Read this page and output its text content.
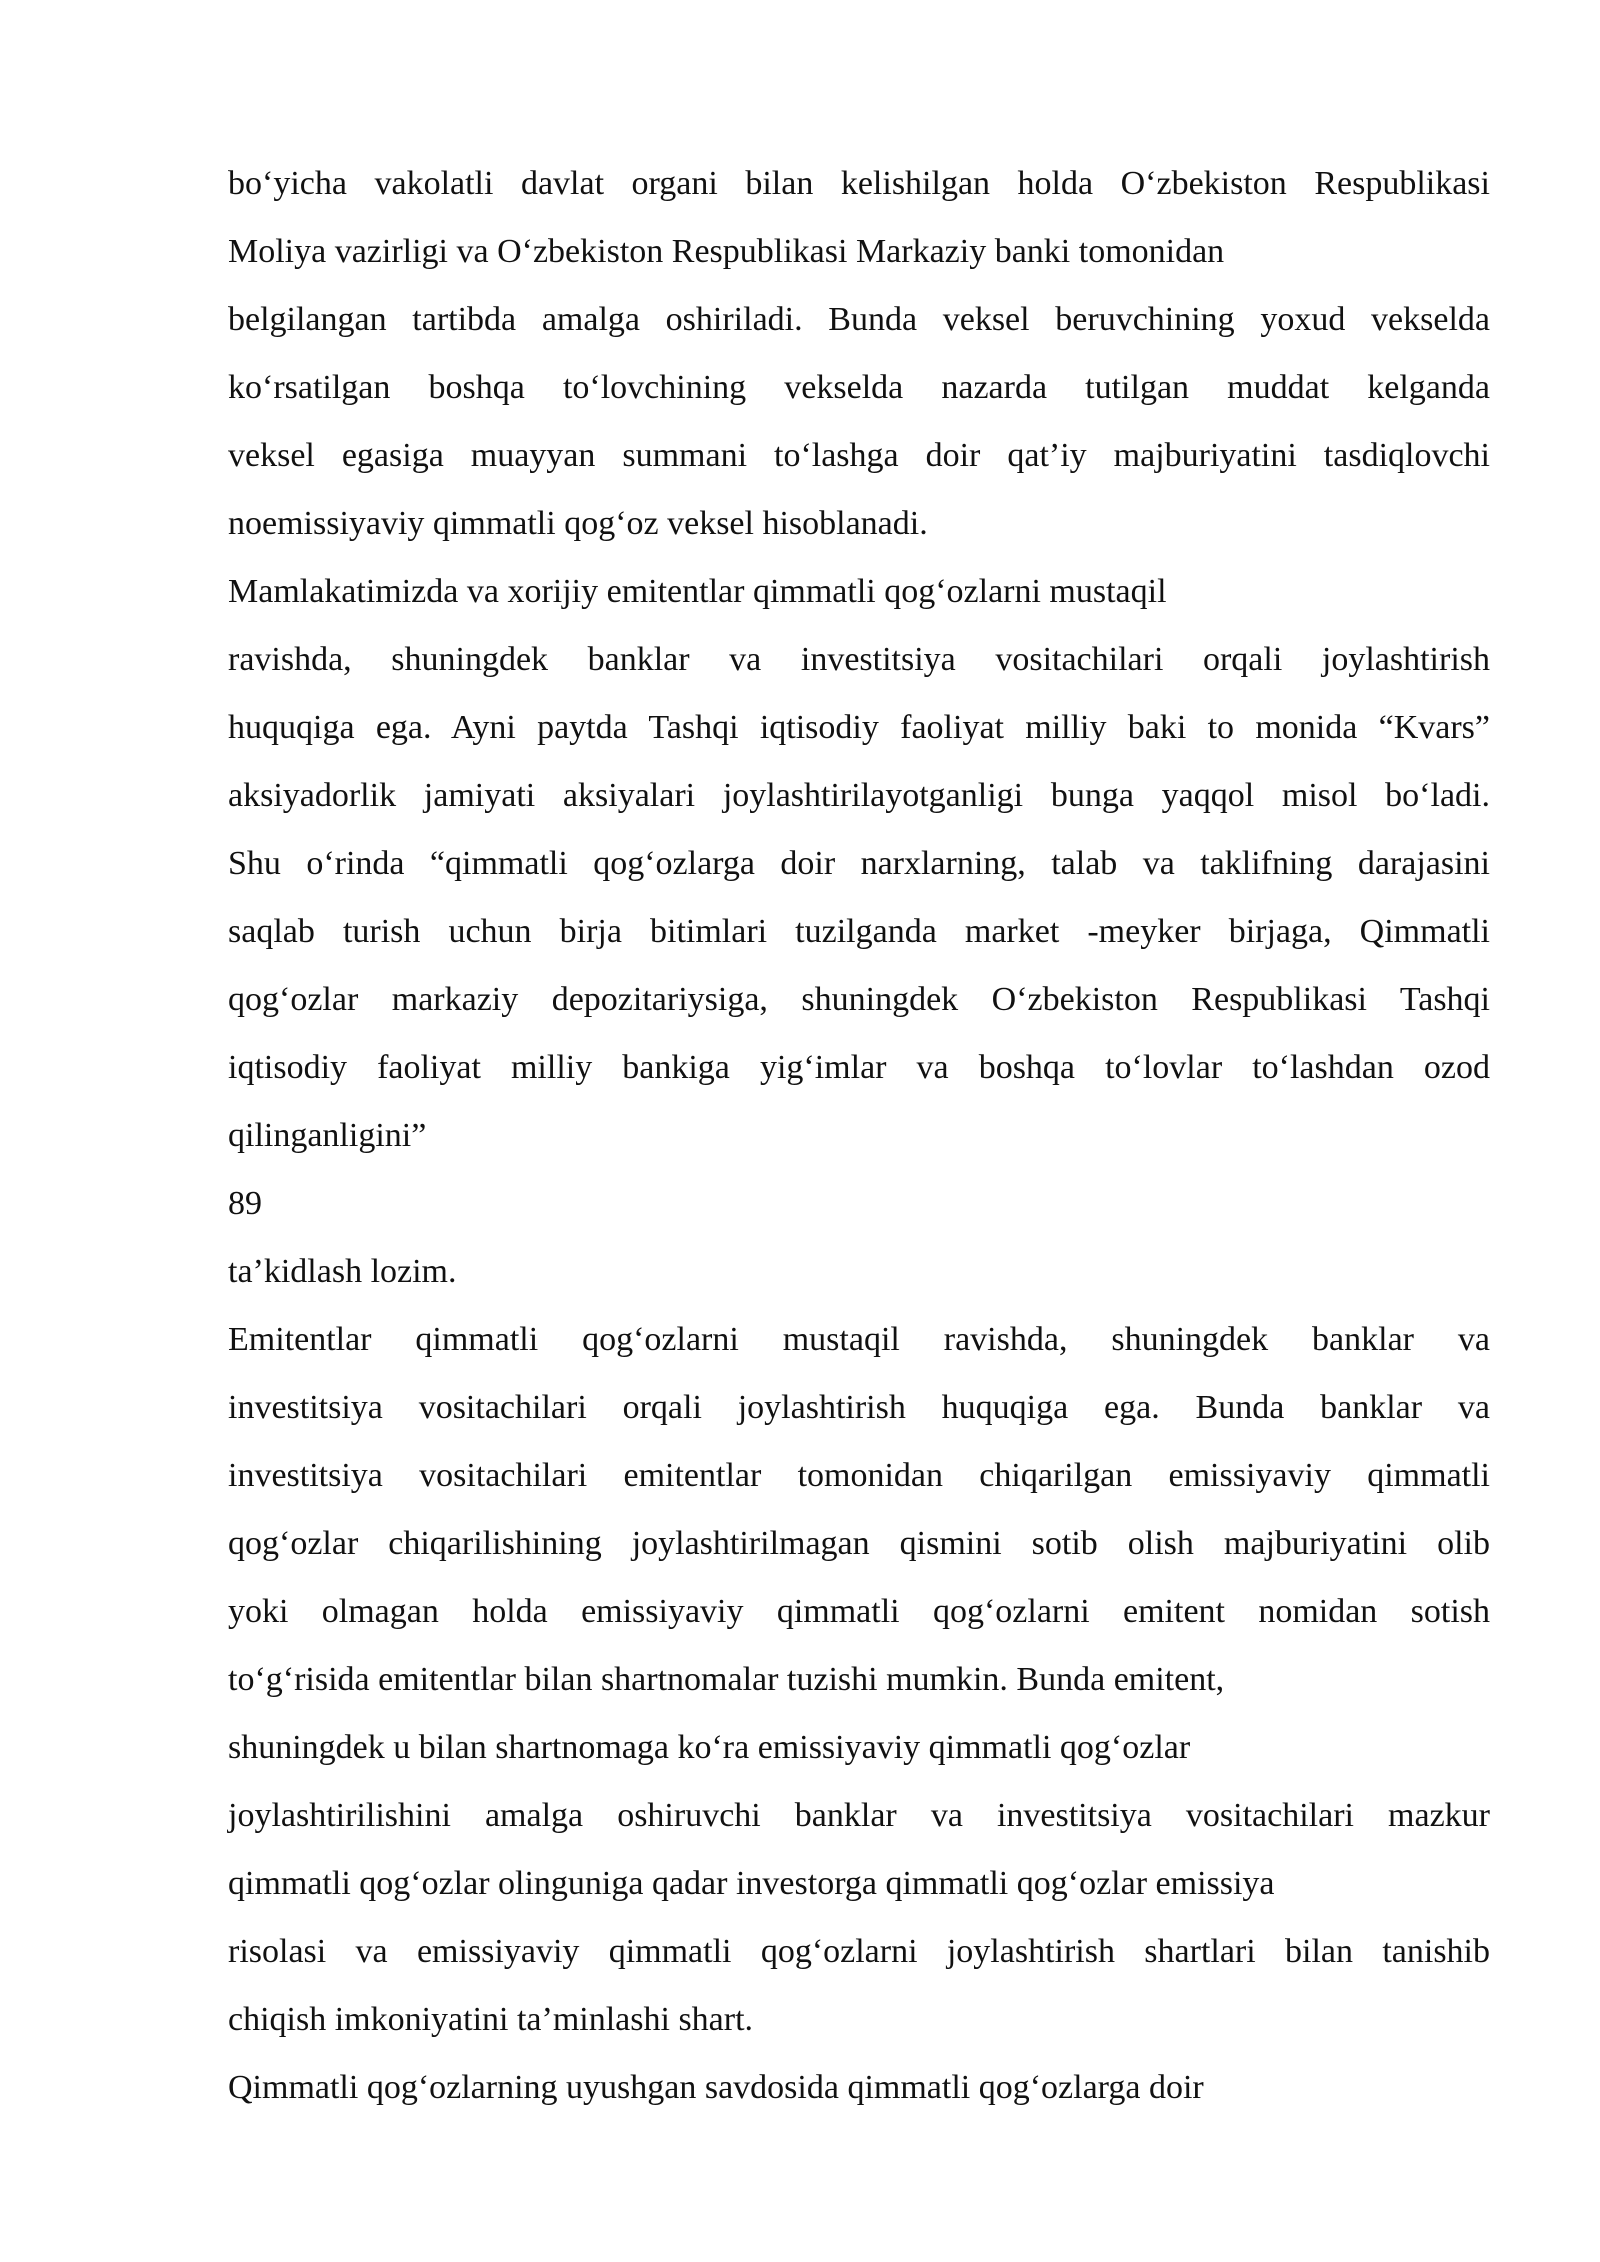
bo‘yicha vakolatli davlat organi bilan kelishilgan holda O‘zbekiston Respublikasi
Moliya vazirligi va O‘zbekiston Respublikasi Markaziy banki tomonidan
belgilangan tartibda amalga oshiriladi. Bunda veksel beruvchining yoxud vekselda
ko‘rsatilgan boshqa to‘lovchining vekselda nazarda tutilgan muddat kelganda
veksel egasiga muayyan summani to‘lashga doir qat’iy majburiyatini tasdiqlovchi
noemissiyaviy qimmatli qog‘oz veksel hisoblanadi.
Mamlakatimizda va xorijiy emitentlar qimmatli qog‘ozlarni mustaqil
ravishda, shuningdek banklar va investitsiya vositachilari orqali joylashtirish
huquqiga ega. Ayni paytda Tashqi iqtisodiy faoliyat milliy baki to monida “Kvars”
aksiyadorlik jamiyati aksiyalari joylashtirilayotganligi bunga yaqqol misol bo‘ladi.
Shu o‘rinda “qimmatli qog‘ozlarga doir narxlarning, talab va taklifning darajasini
saqlab turish uchun birja bitimlari tuzilganda market -meyker birjaga, Qimmatli
qog‘ozlar markaziy depozitariysiga, shuningdek O‘zbekiston Respublikasi Tashqi
iqtisodiy faoliyat milliy bankiga yig‘imlar va boshqa to‘lovlar to‘lashdan ozod
qilinganligini”
89
ta’kidlash lozim.
Emitentlar qimmatli qog‘ozlarni mustaqil ravishda, shuningdek banklar va
investitsiya vositachilari orqali joylashtirish huquqiga ega. Bunda banklar va
investitsiya vositachilari emitentlar tomonidan chiqarilgan emissiyaviy qimmatli
qog‘ozlar chiqarilishining joylashtirilmagan qismini sotib olish majburiyatini olib
yoki olmagan holda emissiyaviy qimmatli qog‘ozlarni emitent nomidan sotish
to‘g‘risida emitentlar bilan shartnomalar tuzishi mumkin. Bunda emitent,
shuningdek u bilan shartnomaga ko‘ra emissiyaviy qimmatli qog‘ozlar
joylashtirilishini amalga oshiruvchi banklar va investitsiya vositachilari mazkur
qimmatli qog‘ozlar olinguniga qadar investorga qimmatli qog‘ozlar emissiya
risolasi va emissiyaviy qimmatli qog‘ozlarni joylashtirish shartlari bilan tanishib
chiqish imkoniyatini ta’minlashi shart.
Qimmatli qog‘ozlarning uyushgan savdosida qimmatli qog‘ozlarga doir
